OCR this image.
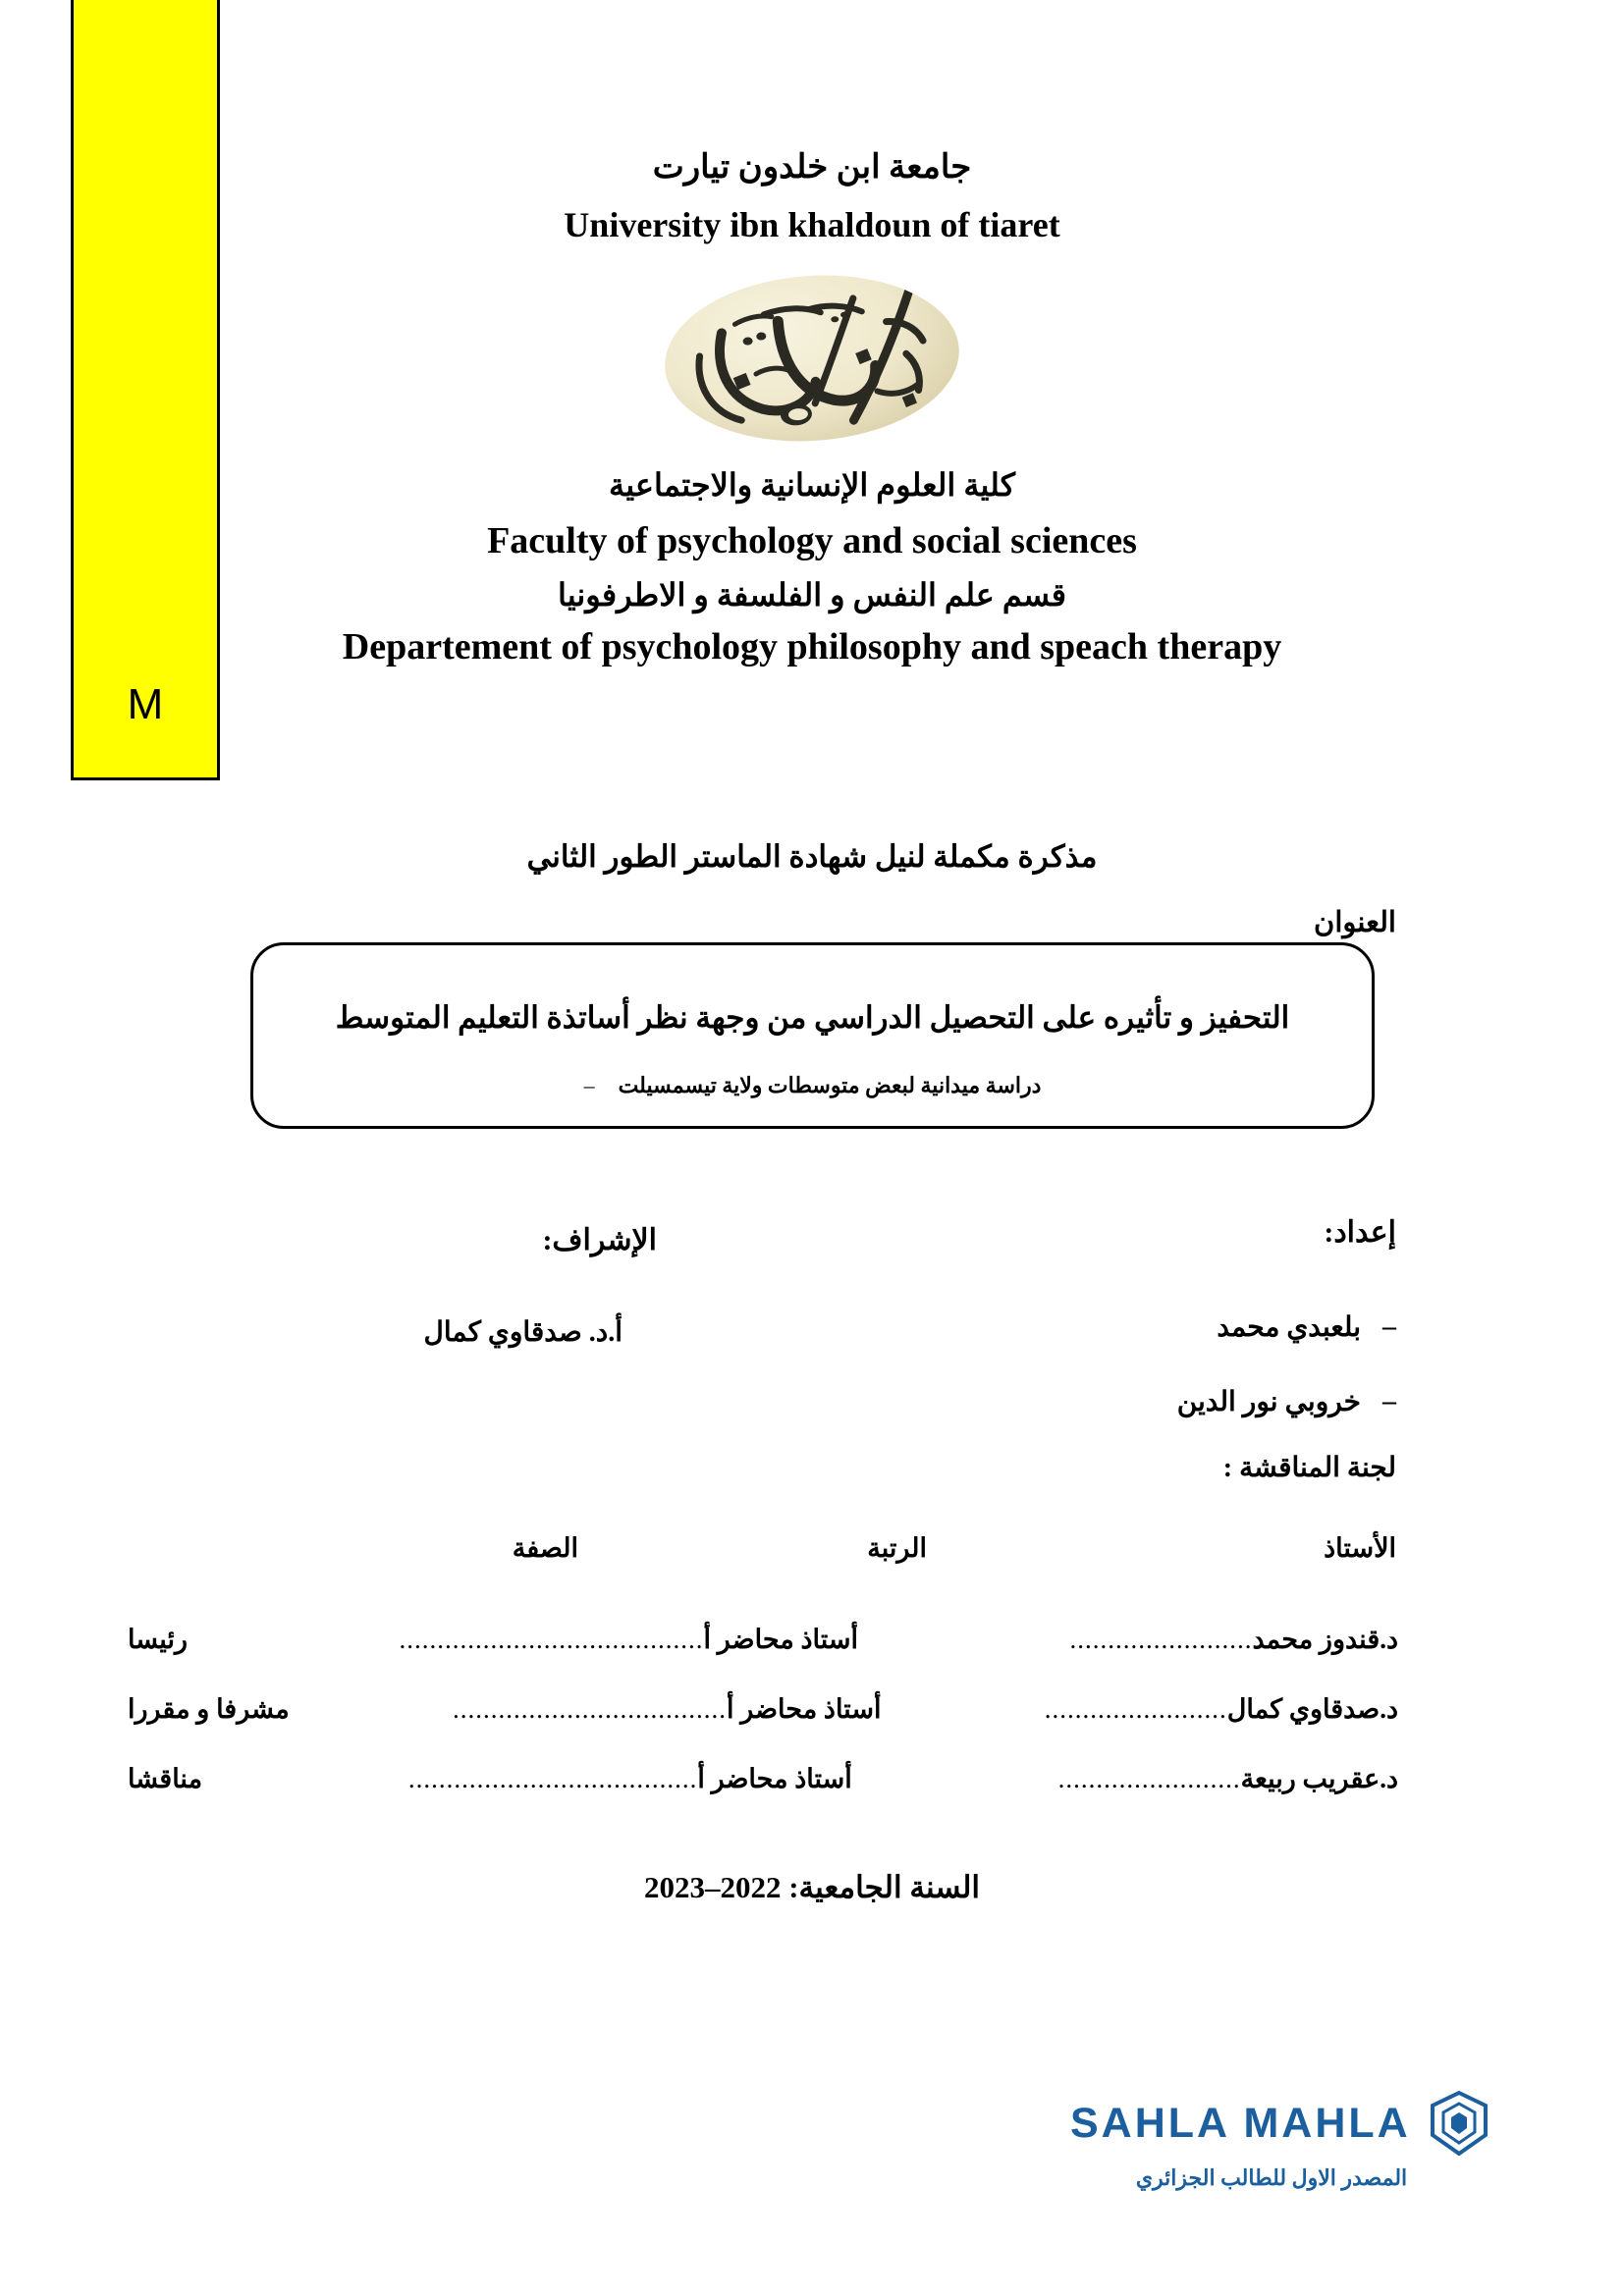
M
جامعة ابن خلدون تيارت
University ibn khaldoun of tiaret
كلية العلوم الإنسانية والاجتماعية
Faculty of psychology and social sciences
قسم علم النفس و الفلسفة و الاطرفونيا
Departement of psychology philosophy and speach therapy
مذكرة مكملة لنيل شهادة الماستر الطور الثاني
العنوان
التحفيز و تأثيره على التحصيل الدراسي من وجهة نظر أساتذة التعليم المتوسط
– دراسة ميدانية لبعض متوسطات ولاية تيسمسيلت
إعداد:
الإشراف:
–
بلعبدي محمد
–
خروبي نور الدين
أ.د. صدقاوي كمال
لجنة المناقشة :
الأستاذ
الرتبة
الصفة
د.قندوز محمد
........................
أستاذ محاضر أ
........................................
رئيسا
د.صدقاوي كمال
........................
أستاذ محاضر أ
....................................
مشرفا و مقررا
د.عقريب ربيعة
........................
أستاذ محاضر أ
......................................
مناقشا
السنة الجامعية: 2022–2023
SAHLA MAHLA
المصدر الاول للطالب الجزائري
